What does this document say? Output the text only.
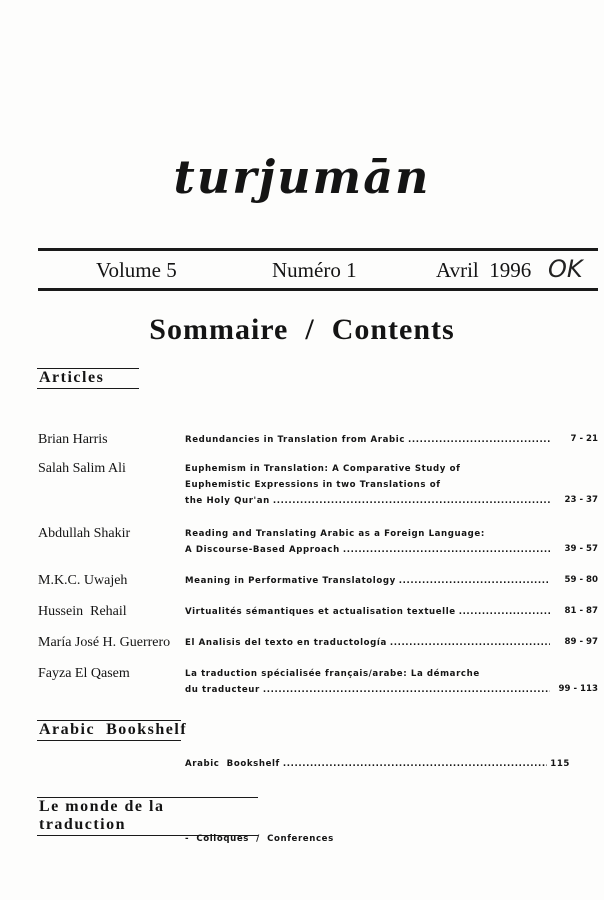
turjumān
Volume 5	Numéro 1	Avril  1996 OK
Sommaire  /  Contents
Articles
Brian Harris	Redundancies in Translation from Arabic .....	7 - 21
Salah Salim Ali	Euphemism in Translation: A Comparative Study of
Euphemistic Expressions in two Translations of
the Holy Qur'an .....	23 - 37
Abdullah Shakir	Reading and Translating Arabic as a Foreign Language:
A Discourse-Based Approach .....	39 - 57
M.K.C. Uwajeh	Meaning in Performative Translatology .....	59 - 80
Hussein  Rehail	Virtualités sémantiques et actualisation textuelle .....	81 - 87
María José H. Guerrero	El Analisis del texto en traductología .....	89 - 97
Fayza El Qasem	La traduction spécialisée français/arabe: La démarche
du traducteur .....	99 - 113
Arabic  Bookshelf
Arabic  Bookshelf .....	115
Le monde de la traduction
-  Colloques  /  Conferences
